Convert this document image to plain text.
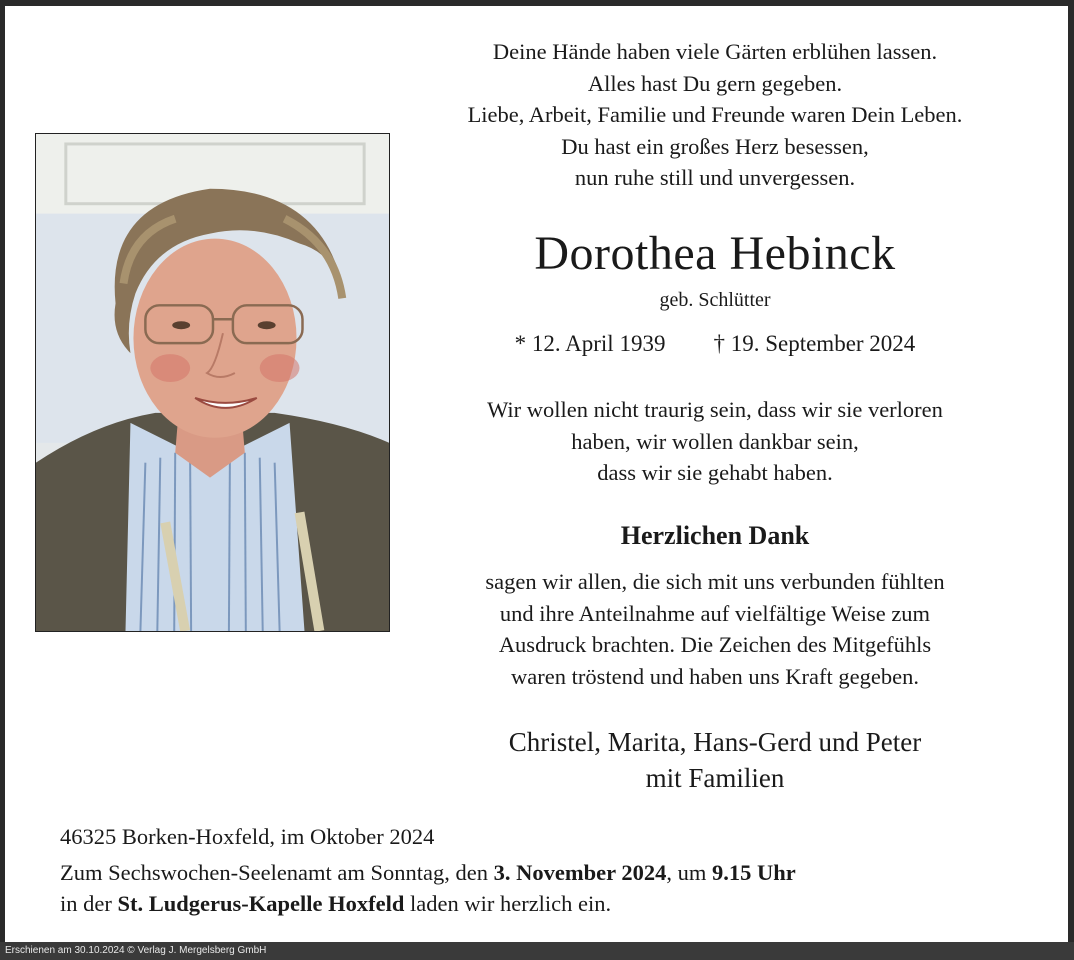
Deine Hände haben viele Gärten erblühen lassen.
Alles hast Du gern gegeben.
Liebe, Arbeit, Familie und Freunde waren Dein Leben.
Du hast ein großes Herz besessen,
nun ruhe still und unvergessen.
Dorothea Hebinck
geb. Schlütter
* 12. April 1939 † 19. September 2024
Wir wollen nicht traurig sein, dass wir sie verloren
haben, wir wollen dankbar sein,
dass wir sie gehabt haben.
Herzlichen Dank
sagen wir allen, die sich mit uns verbunden fühlten
und ihre Anteilnahme auf vielfältige Weise zum
Ausdruck brachten. Die Zeichen des Mitgefühls
waren tröstend und haben uns Kraft gegeben.
Christel, Marita, Hans-Gerd und Peter
mit Familien
46325 Borken-Hoxfeld, im Oktober 2024
Zum Sechswochen-Seelenamt am Sonntag, den 3. November 2024, um 9.15 Uhr
in der St. Ludgerus-Kapelle Hoxfeld laden wir herzlich ein.
Erschienen am 30.10.2024 © Verlag J. Mergelsberg GmbH
